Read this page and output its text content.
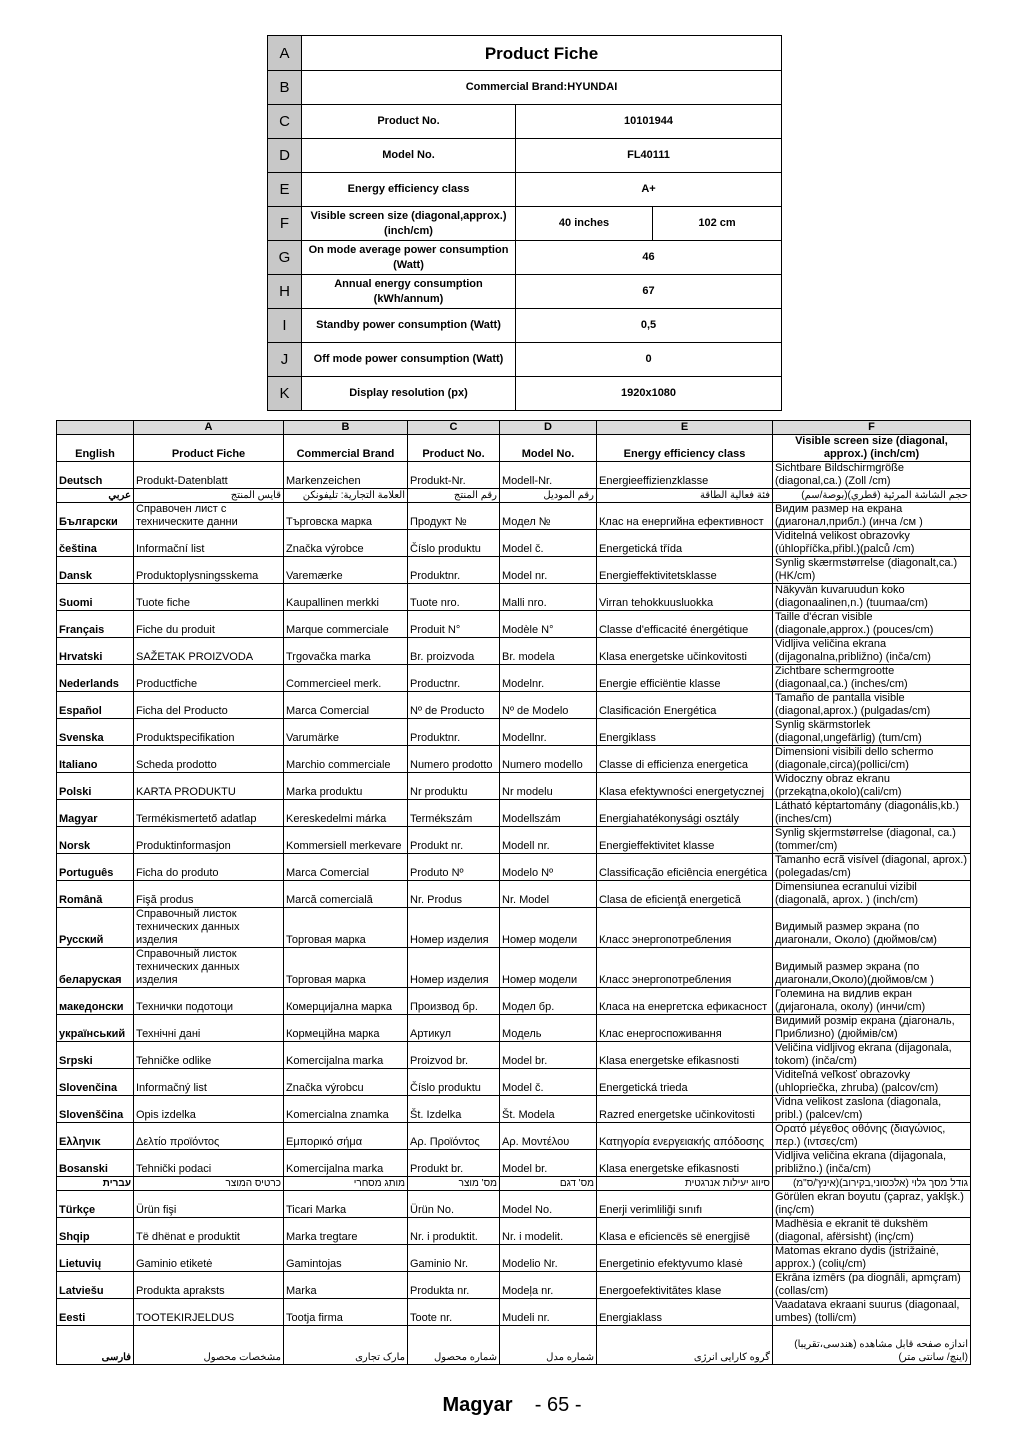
A	Product Fiche		
B	Commercial Brand:HYUNDAI		
C	Product No.	10101944	
D	Model No.	FL40111	
E	Energy efficiency class	A+	
F	Visible screen size (diagonal,approx.) (inch/cm)	40 inches	102 cm
G	On mode average power consumption (Watt)	46	
H	Annual energy consumption (kWh/annum)	67	
I	Standby power consumption (Watt)	0,5	
J	Off mode power consumption (Watt)	0	
K	Display resolution (px)	1920x1080	
	A	B	C	D	E	F
English	Product Fiche	Commercial Brand	Product No.	Model No.	Energy efficiency class	Visible screen size (diagonal, approx.) (inch/cm)
Deutsch	Produkt-Datenblatt	Markenzeichen	Produkt-Nr.	Modell-Nr.	Energieeffizienzklasse	Sichtbare Bildschirmgröße (diagonal,ca.) (Zoll /cm)
عربي	قايس المنتج	العلامة التجارية: تليفونكن	رقم المنتج	رقم الموديل	فئة فعالية الطاقة	حجم الشاشة المرئية (قطري)(بوصة/سم)
Български	Справочен лист с техническите данни	Търговска марка	Продукт №	Модел №	Клас на енергийна ефективност	Видим размер на екрана (диагонал,прибл.) (инча /см )
čeština	Informační list	Značka výrobce	Číslo produktu	Model č.	Energetická třída	Viditelná velikost obrazovky (úhlopříčka,přibl.)(palců /cm)
Dansk	Produktoplysningsskema	Varemærke	Produktnr.	Model nr.	Energieffektivitetsklasse	Synlig skærmstørrelse (diagonalt,ca.) (HK/cm)
Suomi	Tuote fiche	Kaupallinen merkki	Tuote nro.	Malli nro.	Virran tehokkuusluokka	Näkyvän kuvaruudun koko (diagonaalinen,n.) (tuumaa/cm)
Français	Fiche du produit	Marque commerciale	Produit N°	Modèle N°	Classe d'efficacité énergétique	Taille d'écran visible (diagonale,approx.) (pouces/cm)
Hrvatski	SAŽETAK PROIZVODA	Trgovačka marka	Br. proizvoda	Br. modela	Klasa energetske učinkovitosti	Vidljiva veličina ekrana (dijagonalna,približno) (inča/cm)
Nederlands	Productfiche	Commercieel merk.	Productnr.	Modelnr.	Energie efficiëntie klasse	Zichtbare schermgrootte (diagonaal,ca.) (inches/cm)
Español	Ficha del Producto	Marca Comercial	Nº de Producto	Nº de Modelo	Clasificación Energética	Tamaño de pantalla visible (diagonal,aprox.) (pulgadas/cm)
Svenska	Produktspecifikation	Varumärke	Produktnr.	Modellnr.	Energiklass	Synlig skärmstorlek (diagonal,ungefärlig) (tum/cm)
Italiano	Scheda prodotto	Marchio commerciale	Numero prodotto	Numero modello	Classe di efficienza energetica	Dimensioni visibili dello schermo (diagonale,circa)(pollici/cm)
Polski	KARTA PRODUKTU	Marka produktu	Nr produktu	Nr modelu	Klasa efektywności energetycznej	Widoczny obraz ekranu (przekątna,okolo)(cali/cm)
Magyar	Termékismertető adatlap	Kereskedelmi márka	Termékszám	Modellszám	Energiahatékonysági osztály	Látható képtartomány (diagonális,kb.) (inches/cm)
Norsk	Produktinformasjon	Kommersiell merkevare	Produkt nr.	Modell nr.	Energieffektivitet klasse	Synlig skjermstørrelse (diagonal, ca.) (tommer/cm)
Português	Ficha do produto	Marca Comercial	Produto Nº	Modelo Nº	Classificação eficiência energética	Tamanho ecrã visível (diagonal, aprox.) (polegadas/cm)
Română	Fişă produs	Marcă comercială	Nr. Produs	Nr. Model	Clasa de eficienţă energetică	Dimensiunea ecranului vizibil (diagonală, aprox. ) (inch/cm)
Русский	Справочный листок технических данных изделия	Торговая марка	Номер изделия	Номер модели	Класс энергопотребления	Видимый размер экрана (по диагонали, Около) (дюймов/см)
беларуская	Справочный листок технических данных изделия	Торговая марка	Номер изделия	Номер модели	Класс энергопотребления	Видимый размер экрана (по диагонали,Около)(дюймов/см )
македонски	Технички подотоци	Комерцијална марка	Производ бр.	Модел бр.	Класа на енергетска ефикасност	Големина на видлив екран (дијагонала, околу) (инчи/cm)
український	Технічні дані	Кормеційна марка	Артикул	Модель	Клас енергоспоживання	Видимий розмір екрана (діагональ, Приблизно) (дюймів/см)
Srpski	Tehničke odlike	Komercijalna marka	Proizvod br.	Model br.	Klasa energetske efikasnosti	Veličina vidljivog ekrana (dijagonala, tokom) (inča/cm)
Slovenčina	Informačný list	Značka výrobcu	Číslo produktu	Model č.	Energetická trieda	Viditeľná veľkosť obrazovky (uhlopriečka, zhruba) (palcov/cm)
Slovenščina	Opis izdelka	Komercialna znamka	Št. Izdelka	Št. Modela	Razred energetske učinkovitosti	Vidna velikost zaslona (diagonala, pribl.) (palcev/cm)
Ελληνικ	Δελτίο προϊόντος	Εμπορικό σήμα	Αρ. Προϊόντος	Αρ. Μοντέλου	Κατηγορία ενεργειακής απόδοσης	Ορατό μέγεθος οθόνης (διαγώνιος, περ.) (ιντσες/cm)
Bosanski	Tehnički podaci	Komercijalna marka	Produkt br.	Model br.	Klasa energetske efikasnosti	Vidljiva veličina ekrana (dijagonala, približno.) (inča/cm)
עברית	כרטיס המוצר	מותג מסחרי	מס' מוצר	מס' דגם	סיווג יעילות אנרגטית	גודל מסך גלוי (אלכסוני,בקירוב)(אינץ'/ס"מ)
Türkçe	Ürün fişi	Ticari Marka	Ürün No.	Model No.	Enerji verimliliği sınıfı	Görülen ekran boyutu (çapraz, yaklşk.) (inç/cm)
Shqip	Të dhënat e produktit	Marka tregtare	Nr. i produktit.	Nr. i modelit.	Klasa e eficiencës së energjisë	Madhësia e ekranit të dukshëm (diagonal, afërsisht) (inç/cm)
Lietuvių	Gaminio etiketė	Gamintojas	Gaminio Nr.	Modelio Nr.	Energetinio efektyvumo klasė	Matomas ekrano dydis (įstrižainė, approx.) (colių/cm)
Latviešu	Produkta apraksts	Marka	Produkta nr.	Modeļa nr.	Energoefektivitātes klase	Ekrāna izmērs (pa diognāli, apmçram) (collas/cm)
Eesti	TOOTEKIRJELDUS	Tootja firma	Toote nr.	Mudeli nr.	Energiaklass	Vaadatava ekraani suurus (diagonaal, umbes) (tolli/cm)
فارسی	مشخصات محصول	مارک تجاری	شماره محصول	شماره مدل	گروه کارایی انرژی	اندازه صفحه قابل مشاهده (هندسی،تقریبا) (اینچ/ سانتی متر)
Magyar - 65 -
